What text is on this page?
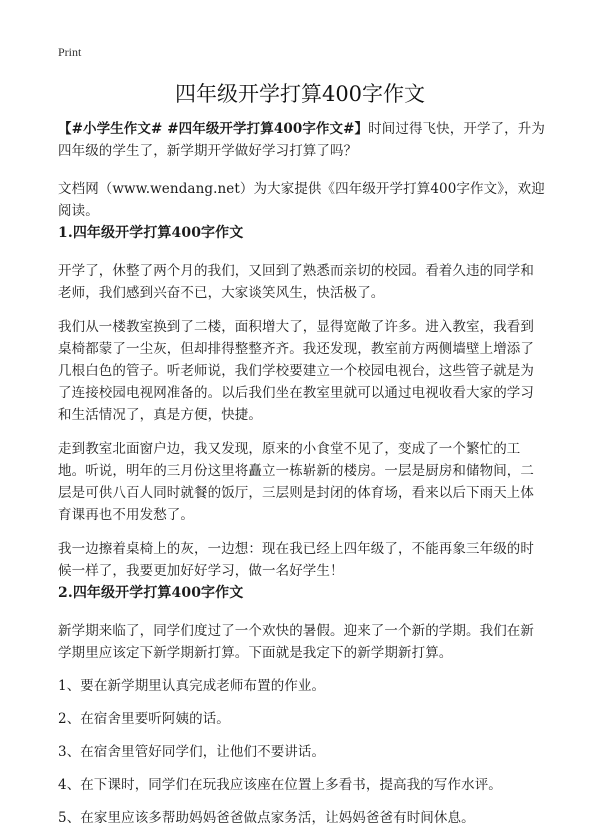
Print
四年级开学打算400字作文

【#小学生作文# #四年级开学打算400字作文#】时间过得飞快，开学了，升为四年级的学生了，新学期开学做好学习打算了吗？

文档网（www.wendang.net）为大家提供《四年级开学打算400字作文》，欢迎阅读。

1.四年级开学打算400字作文

开学了，休整了两个月的我们，又回到了熟悉而亲切的校园。看着久违的同学和老师，我们感到兴奋不已，大家谈笑风生，快活极了。

我们从一楼教室换到了二楼，面积增大了，显得宽敞了许多。进入教室，我看到桌椅都蒙了一尘灰，但却排得整整齐齐。我还发现，教室前方两侧墙壁上增添了几根白色的管子。听老师说，我们学校要建立一个校园电视台，这些管子就是为了连接校园电视网准备的。以后我们坐在教室里就可以通过电视收看大家的学习和生活情况了，真是方便，快捷。

走到教室北面窗户边，我又发现，原来的小食堂不见了，变成了一个繁忙的工地。听说，明年的三月份这里将矗立一栋崭新的楼房。一层是厨房和储物间，二层是可供八百人同时就餐的饭厅，三层则是封闭的体育场，看来以后下雨天上体育课再也不用发愁了。

我一边擦着桌椅上的灰，一边想：现在我已经上四年级了，不能再象三年级的时候一样了，我要更加好好学习，做一名好学生！

2.四年级开学打算400字作文

新学期来临了，同学们度过了一个欢快的暑假。迎来了一个新的学期。我们在新学期里应该定下新学期新打算。下面就是我定下的新学期新打算。

1、要在新学期里认真完成老师布置的作业。

2、在宿舍里要听阿姨的话。

3、在宿舍里管好同学们，让他们不要讲话。

4、在下课时，同学们在玩我应该座在位置上多看书，提高我的写作水评。

5、在家里应该多帮助妈妈爸爸做点家务活，让妈妈爸爸有时间休息。
